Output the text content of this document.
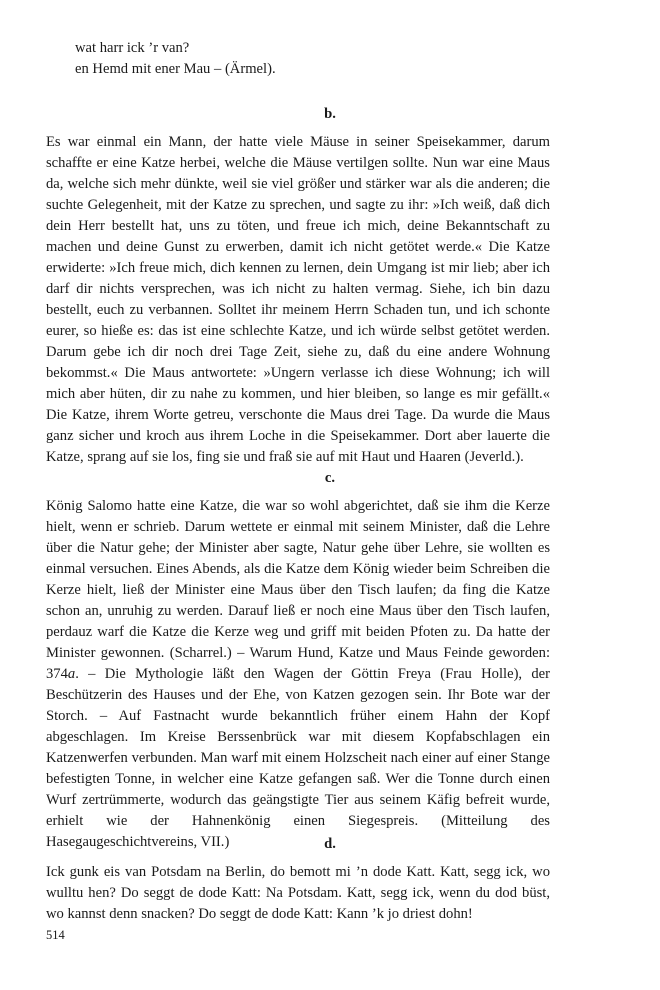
wat harr ick ’r van?
en Hemd mit ener Mau – (Ärmel).
b.
Es war einmal ein Mann, der hatte viele Mäuse in seiner Speisekammer, darum schaffte er eine Katze herbei, welche die Mäuse vertilgen sollte. Nun war eine Maus da, welche sich mehr dünkte, weil sie viel größer und stärker war als die anderen; die suchte Gelegenheit, mit der Katze zu sprechen, und sagte zu ihr: »Ich weiß, daß dich dein Herr bestellt hat, uns zu töten, und freue ich mich, deine Bekanntschaft zu machen und deine Gunst zu erwerben, damit ich nicht getötet werde.« Die Katze erwiderte: »Ich freue mich, dich kennen zu lernen, dein Umgang ist mir lieb; aber ich darf dir nichts versprechen, was ich nicht zu halten vermag. Siehe, ich bin dazu bestellt, euch zu verbannen. Solltet ihr meinem Herrn Schaden tun, und ich schonte eurer, so hieße es: das ist eine schlechte Katze, und ich würde selbst getötet werden. Darum gebe ich dir noch drei Tage Zeit, siehe zu, daß du eine andere Wohnung bekommst.« Die Maus antwortete: »Ungern verlasse ich diese Wohnung; ich will mich aber hüten, dir zu nahe zu kommen, und hier bleiben, so lange es mir gefällt.« Die Katze, ihrem Worte getreu, verschonte die Maus drei Tage. Da wurde die Maus ganz sicher und kroch aus ihrem Loche in die Speisekammer. Dort aber lauerte die Katze, sprang auf sie los, fing sie und fraß sie auf mit Haut und Haaren (Jeverld.).
c.
König Salomo hatte eine Katze, die war so wohl abgerichtet, daß sie ihm die Kerze hielt, wenn er schrieb. Darum wettete er einmal mit seinem Minister, daß die Lehre über die Natur gehe; der Minister aber sagte, Natur gehe über Lehre, sie wollten es einmal versuchen. Eines Abends, als die Katze dem König wieder beim Schreiben die Kerze hielt, ließ der Minister eine Maus über den Tisch laufen; da fing die Katze schon an, unruhig zu werden. Darauf ließ er noch eine Maus über den Tisch laufen, perdauz warf die Katze die Kerze weg und griff mit beiden Pfoten zu. Da hatte der Minister gewonnen. (Scharrel.) – Warum Hund, Katze und Maus Feinde geworden: 374a. – Die Mythologie läßt den Wagen der Göttin Freya (Frau Holle), der Beschützerin des Hauses und der Ehe, von Katzen gezogen sein. Ihr Bote war der Storch. – Auf Fastnacht wurde bekanntlich früher einem Hahn der Kopf abgeschlagen. Im Kreise Berssenbrück war mit diesem Kopfabschlagen ein Katzenwerfen verbunden. Man warf mit einem Holzscheit nach einer auf einer Stange befestigten Tonne, in welcher eine Katze gefangen saß. Wer die Tonne durch einen Wurf zertrümmerte, wodurch das geängstigte Tier aus seinem Käfig befreit wurde, erhielt wie der Hahnenkönig einen Siegespreis. (Mitteilung des Hasegaugeschichtvereins, VII.)	d.
Ick gunk eis van Potsdam na Berlin, do bemott mi ’n dode Katt. Katt, segg ick, wo wulltu hen? Do seggt de dode Katt: Na Potsdam. Katt, segg ick, wenn du dod büst, wo kannst denn snacken? Do seggt de dode Katt: Kann ’k jo driest dohn!
514
